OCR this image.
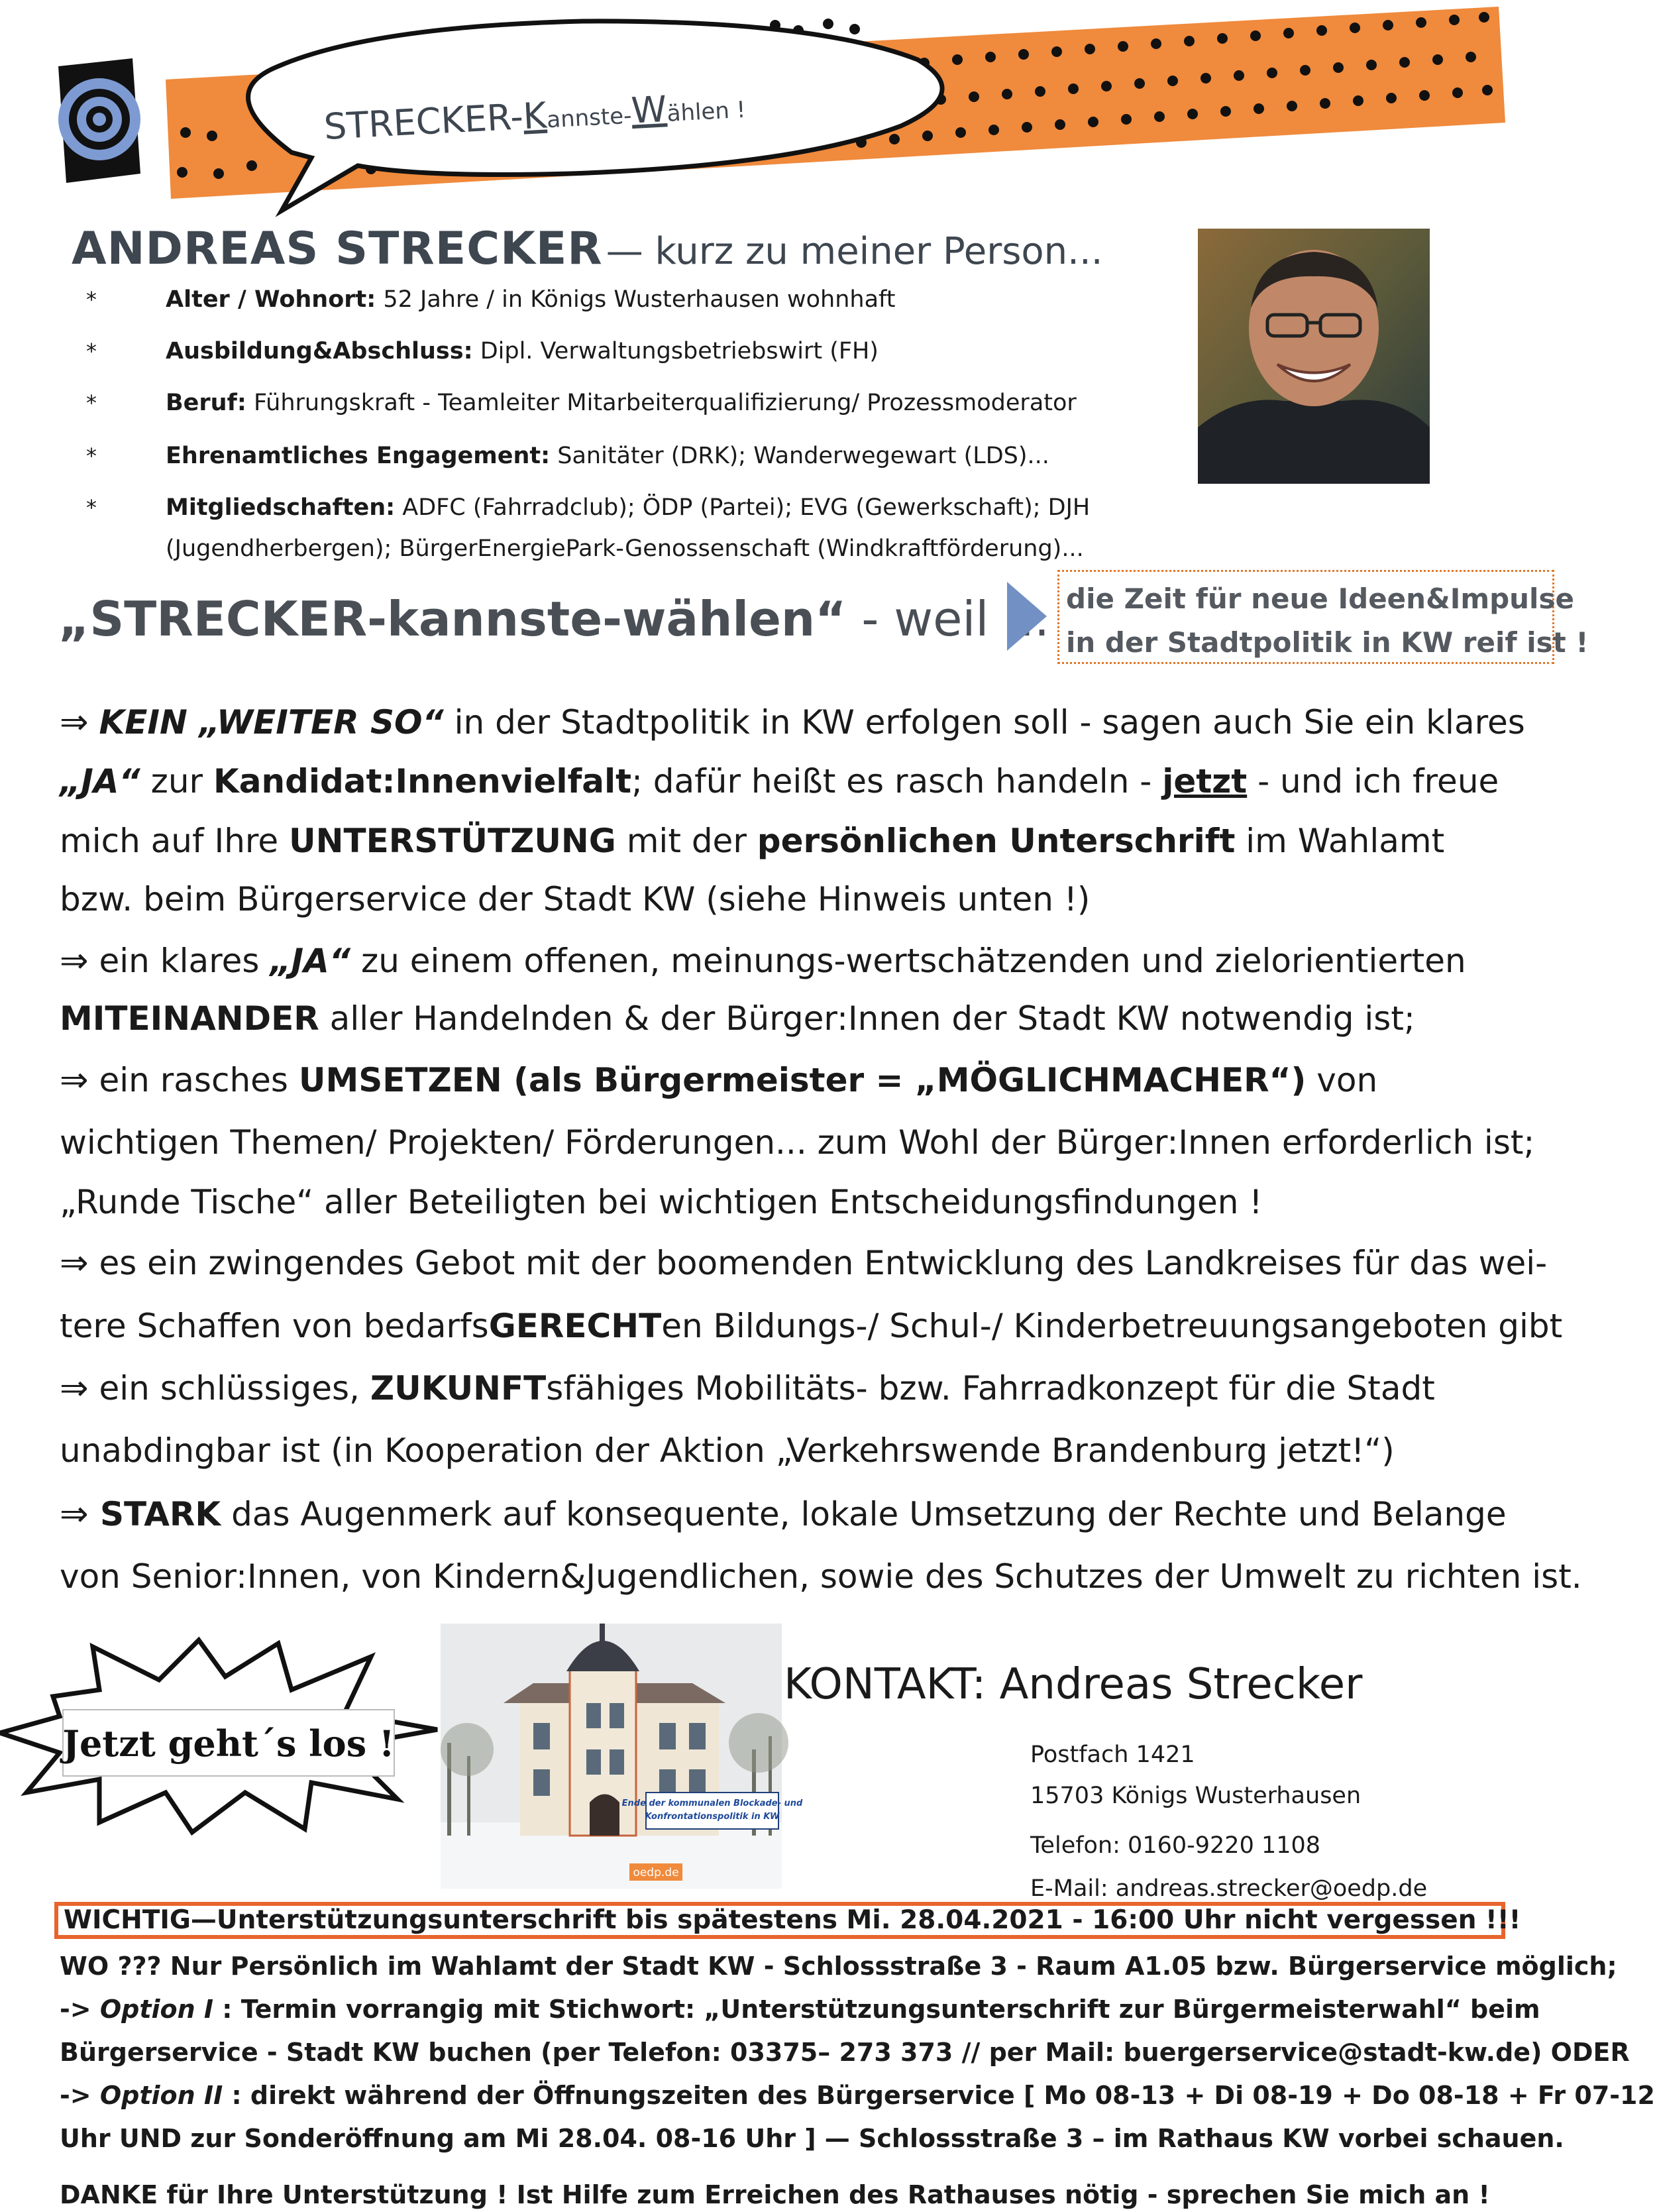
STRECKER-Kannste-Wählen !
ANDREAS STRECKER — kurz zu meiner Person...
*	Alter / Wohnort: 52 Jahre / in Königs Wusterhausen wohnhaft
*	Ausbildung&Abschluss: Dipl. Verwaltungsbetriebswirt (FH)
*	Beruf: Führungskraft - Teamleiter Mitarbeiterqualifizierung/ Prozessmoderator
*	Ehrenamtliches Engagement: Sanitäter (DRK); Wanderwegewart (LDS)...
*	Mitgliedschaften: ADFC (Fahrradclub); ÖDP (Partei); EVG (Gewerkschaft); DJH
(Jugendherbergen); BürgerEnergiePark-Genossenschaft (Windkraftförderung)...
„STRECKER-kannste-wählen“ - weil ... die Zeit für neue Ideen&Impulse
in der Stadtpolitik in KW reif ist !
⇒ KEIN „WEITER SO“ in der Stadtpolitik in KW erfolgen soll - sagen auch Sie ein klares
„JA“ zur Kandidat:Innenvielfalt; dafür heißt es rasch handeln - jetzt - und ich freue
mich auf Ihre UNTERSTÜTZUNG mit der persönlichen Unterschrift im Wahlamt
bzw. beim Bürgerservice der Stadt KW (siehe Hinweis unten !)
⇒ ein klares „JA“ zu einem offenen, meinungs-wertschätzenden und zielorientierten
MITEINANDER aller Handelnden & der Bürger:Innen der Stadt KW notwendig ist;
⇒ ein rasches UMSETZEN (als Bürgermeister = „MÖGLICHMACHER“) von
wichtigen Themen/ Projekten/ Förderungen... zum Wohl der Bürger:Innen erforderlich ist;
„Runde Tische“ aller Beteiligten bei wichtigen Entscheidungsfindungen !
⇒ es ein zwingendes Gebot mit der boomenden Entwicklung des Landkreises für das wei-
tere Schaffen von bedarfsGERECHTen Bildungs-/ Schul-/ Kinderbetreuungsangeboten gibt
⇒ ein schlüssiges, ZUKUNFTsfähiges Mobilitäts- bzw. Fahrradkonzept für die Stadt
unabdingbar ist (in Kooperation der Aktion „Verkehrswende Brandenburg jetzt!“)
⇒ STARK das Augenmerk auf konsequente, lokale Umsetzung der Rechte und Belange
von Senior:Innen, von Kindern&Jugendlichen, sowie des Schutzes der Umwelt zu richten ist.
Jetzt geht´s los !
Ende der kommunalen Blockade- und
Konfrontationspolitik in KW
oedp.de
KONTAKT: Andreas Strecker
Postfach 1421
15703 Königs Wusterhausen
Telefon: 0160-9220 1108
E-Mail: andreas.strecker@oedp.de
WICHTIG—Unterstützungsunterschrift bis spätestens Mi. 28.04.2021 - 16:00 Uhr nicht vergessen !!!
WO ??? Nur Persönlich im Wahlamt der Stadt KW - Schlossstraße 3 - Raum A1.05 bzw. Bürgerservice möglich;
-> Option I : Termin vorrangig mit Stichwort: „Unterstützungsunterschrift zur Bürgermeisterwahl“ beim
Bürgerservice - Stadt KW buchen (per Telefon: 03375– 273 373 // per Mail: buergerservice@stadt-kw.de) ODER
-> Option II : direkt während der Öffnungszeiten des Bürgerservice [ Mo 08-13 + Di 08-19 + Do 08-18 + Fr 07-12
Uhr UND zur Sonderöffnung am Mi 28.04. 08-16 Uhr ] — Schlossstraße 3 – im Rathaus KW vorbei schauen.
DANKE für Ihre Unterstützung ! Ist Hilfe zum Erreichen des Rathauses nötig - sprechen Sie mich an !
